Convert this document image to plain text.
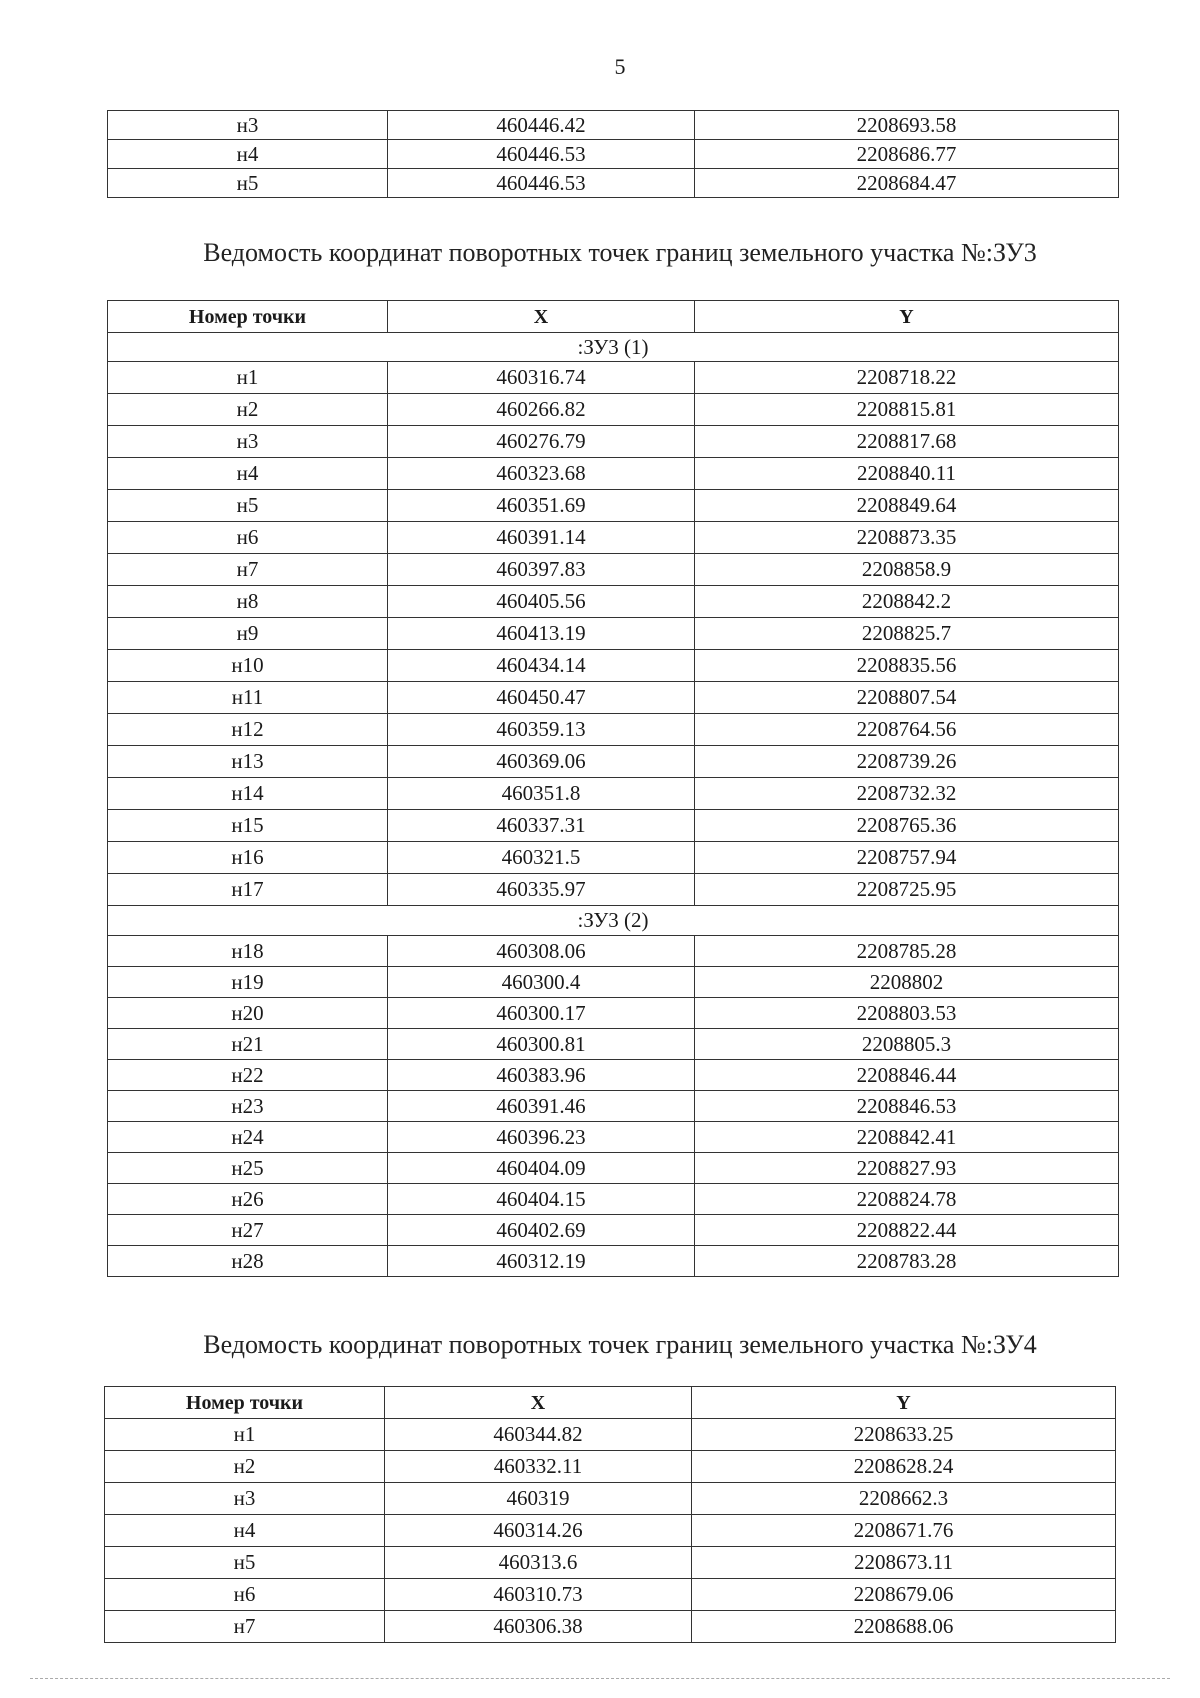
5
н3	460446.42	2208693.58
н4	460446.53	2208686.77
н5	460446.53	2208684.47
Ведомость координат поворотных точек границ земельного участка №:ЗУ3
Номер точки	X	Y
:ЗУ3 (1)		
н1	460316.74	2208718.22
н2	460266.82	2208815.81
н3	460276.79	2208817.68
н4	460323.68	2208840.11
н5	460351.69	2208849.64
н6	460391.14	2208873.35
н7	460397.83	2208858.9
н8	460405.56	2208842.2
н9	460413.19	2208825.7
н10	460434.14	2208835.56
н11	460450.47	2208807.54
н12	460359.13	2208764.56
н13	460369.06	2208739.26
н14	460351.8	2208732.32
н15	460337.31	2208765.36
н16	460321.5	2208757.94
н17	460335.97	2208725.95
:ЗУ3 (2)		
н18	460308.06	2208785.28
н19	460300.4	2208802
н20	460300.17	2208803.53
н21	460300.81	2208805.3
н22	460383.96	2208846.44
н23	460391.46	2208846.53
н24	460396.23	2208842.41
н25	460404.09	2208827.93
н26	460404.15	2208824.78
н27	460402.69	2208822.44
н28	460312.19	2208783.28
Ведомость координат поворотных точек границ земельного участка №:ЗУ4
Номер точки	X	Y
н1	460344.82	2208633.25
н2	460332.11	2208628.24
н3	460319	2208662.3
н4	460314.26	2208671.76
н5	460313.6	2208673.11
н6	460310.73	2208679.06
н7	460306.38	2208688.06
